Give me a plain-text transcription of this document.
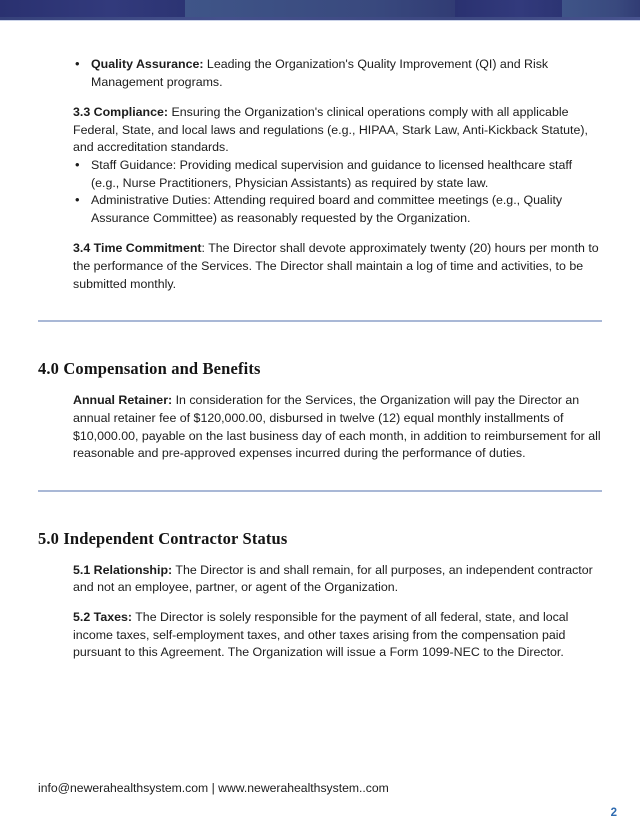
• Quality Assurance: Leading the Organization's Quality Improvement (QI) and Risk Management programs.

3.3 Compliance: Ensuring the Organization's clinical operations comply with all applicable Federal, State, and local laws and regulations (e.g., HIPAA, Stark Law, Anti-Kickback Statute), and accreditation standards.

• Staff Guidance: Providing medical supervision and guidance to licensed healthcare staff (e.g., Nurse Practitioners, Physician Assistants) as required by state law.
• Administrative Duties: Attending required board and committee meetings (e.g., Quality Assurance Committee) as reasonably requested by the Organization.

3.4 Time Commitment: The Director shall devote approximately twenty (20) hours per month to the performance of the Services. The Director shall maintain a log of time and activities, to be submitted monthly.

4.0 Compensation and Benefits

Annual Retainer: In consideration for the Services, the Organization will pay the Director an annual retainer fee of $120,000.00, disbursed in twelve (12) equal monthly installments of $10,000.00, payable on the last business day of each month, in addition to reimbursement for all reasonable and pre-approved expenses incurred during the performance of duties.

5.0 Independent Contractor Status

5.1 Relationship: The Director is and shall remain, for all purposes, an independent contractor and not an employee, partner, or agent of the Organization.

5.2 Taxes: The Director is solely responsible for the payment of all federal, state, and local income taxes, self-employment taxes, and other taxes arising from the compensation paid pursuant to this Agreement. The Organization will issue a Form 1099-NEC to the Director.

info@newerahealthsystem.com | www.newerahealthsystem..com
2
